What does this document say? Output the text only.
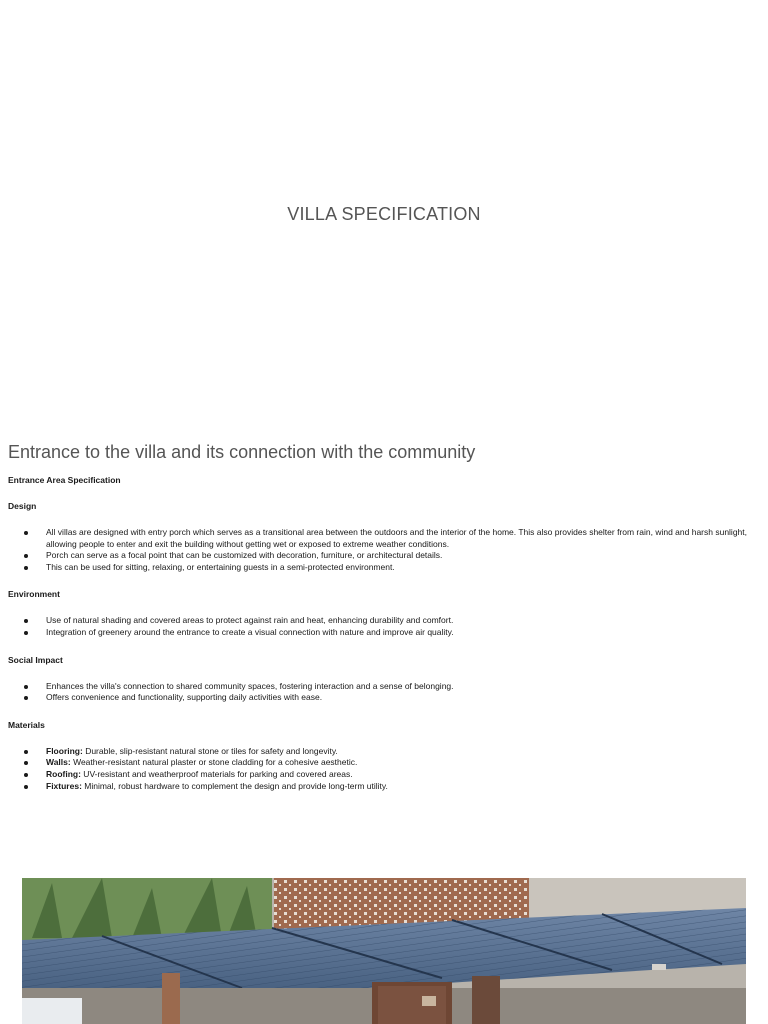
VILLA SPECIFICATION
Entrance to the villa and its connection with the community
Entrance Area Specification
Design
All villas are designed with entry porch which serves as a transitional area between the outdoors and the interior of the home. This also provides shelter from rain, wind and harsh sunlight, allowing people to enter and exit the building without getting wet or exposed to extreme weather conditions.
Porch can serve as a focal point that can be customized with decoration, furniture, or architectural details.
This can be used for sitting, relaxing, or entertaining guests in a semi-protected environment.
Environment
Use of natural shading and covered areas to protect against rain and heat, enhancing durability and comfort.
Integration of greenery around the entrance to create a visual connection with nature and improve air quality.
Social Impact
Enhances the villa's connection to shared community spaces, fostering interaction and a sense of belonging.
Offers convenience and functionality, supporting daily activities with ease.
Materials
Flooring: Durable, slip-resistant natural stone or tiles for safety and longevity.
Walls: Weather-resistant natural plaster or stone cladding for a cohesive aesthetic.
Roofing: UV-resistant and weatherproof materials for parking and covered areas.
Fixtures: Minimal, robust hardware to complement the design and provide long-term utility.
